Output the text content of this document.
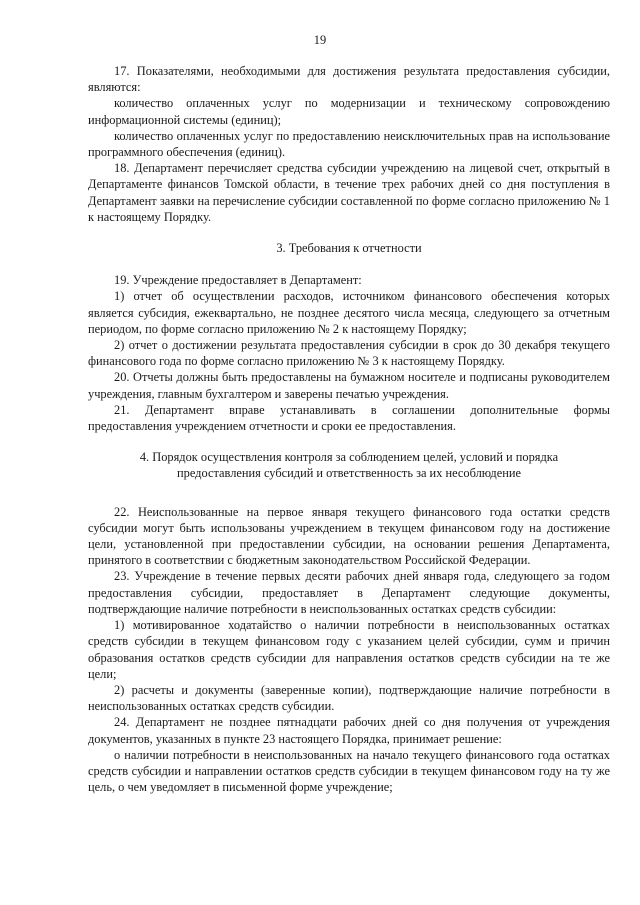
19

17. Показателями, необходимыми для достижения результата предоставления субсидии, являются:

количество оплаченных услуг по модернизации и техническому сопровождению информационной системы (единиц);

количество оплаченных услуг по предоставлению неисключительных прав на использование программного обеспечения (единиц).

18. Департамент перечисляет средства субсидии учреждению на лицевой счет, открытый в Департаменте финансов Томской области, в течение трех рабочих дней со дня поступления в Департамент заявки на перечисление субсидии составленной по форме согласно приложению № 1 к настоящему Порядку.

3. Требования к отчетности

19. Учреждение предоставляет в Департамент:

1) отчет об осуществлении расходов, источником финансового обеспечения которых является субсидия, ежеквартально, не позднее десятого числа месяца, следующего за отчетным периодом, по форме согласно приложению № 2 к настоящему Порядку;

2) отчет о достижении результата предоставления субсидии в срок до 30 декабря текущего финансового года по форме согласно приложению № 3 к настоящему Порядку.

20. Отчеты должны быть предоставлены на бумажном носителе и подписаны руководителем учреждения, главным бухгалтером и заверены печатью учреждения.

21. Департамент вправе устанавливать в соглашении дополнительные формы предоставления учреждением отчетности и сроки ее предоставления.

4. Порядок осуществления контроля за соблюдением целей, условий и порядка

предоставления субсидий и ответственность за их несоблюдение

22. Неиспользованные на первое января текущего финансового года остатки средств субсидии могут быть использованы учреждением в текущем финансовом году на достижение цели, установленной при предоставлении субсидии, на основании решения Департамента, принятого в соответствии с бюджетным законодательством Российской Федерации.

23. Учреждение в течение первых десяти рабочих дней января года, следующего за годом предоставления субсидии, предоставляет в Департамент следующие документы, подтверждающие наличие потребности в неиспользованных остатках средств субсидии:

1) мотивированное ходатайство о наличии потребности в неиспользованных остатках средств субсидии в текущем финансовом году с указанием целей субсидии, сумм и причин образования остатков средств субсидии для направления остатков средств субсидии на те же цели;

2) расчеты и документы (заверенные копии), подтверждающие наличие потребности в неиспользованных остатках средств субсидии.

24. Департамент не позднее пятнадцати рабочих дней со дня получения от учреждения документов, указанных в пункте 23 настоящего Порядка, принимает решение:

о наличии потребности в неиспользованных на начало текущего финансового года остатках средств субсидии и направлении остатков средств субсидии в текущем финансовом году на ту же цель, о чем уведомляет в письменной форме учреждение;
